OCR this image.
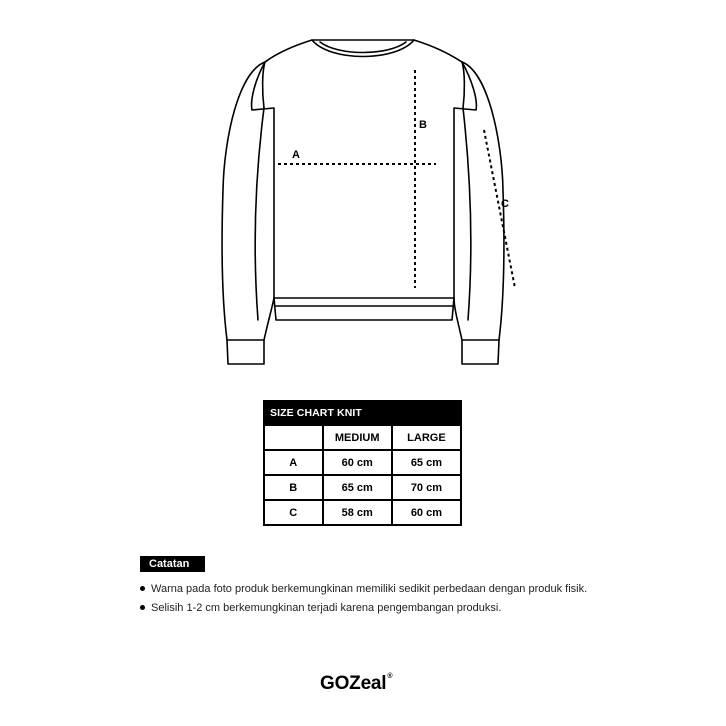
A
B
C
SIZE CHART KNIT		
	MEDIUM	LARGE
A	60 cm	65 cm
B	65 cm	70 cm
C	58 cm	60 cm
Catatan
Warna pada foto produk berkemungkinan memiliki sedikit perbedaan dengan produk fisik.
Selisih 1-2 cm berkemungkinan terjadi karena pengembangan produksi.
GOZeal®
